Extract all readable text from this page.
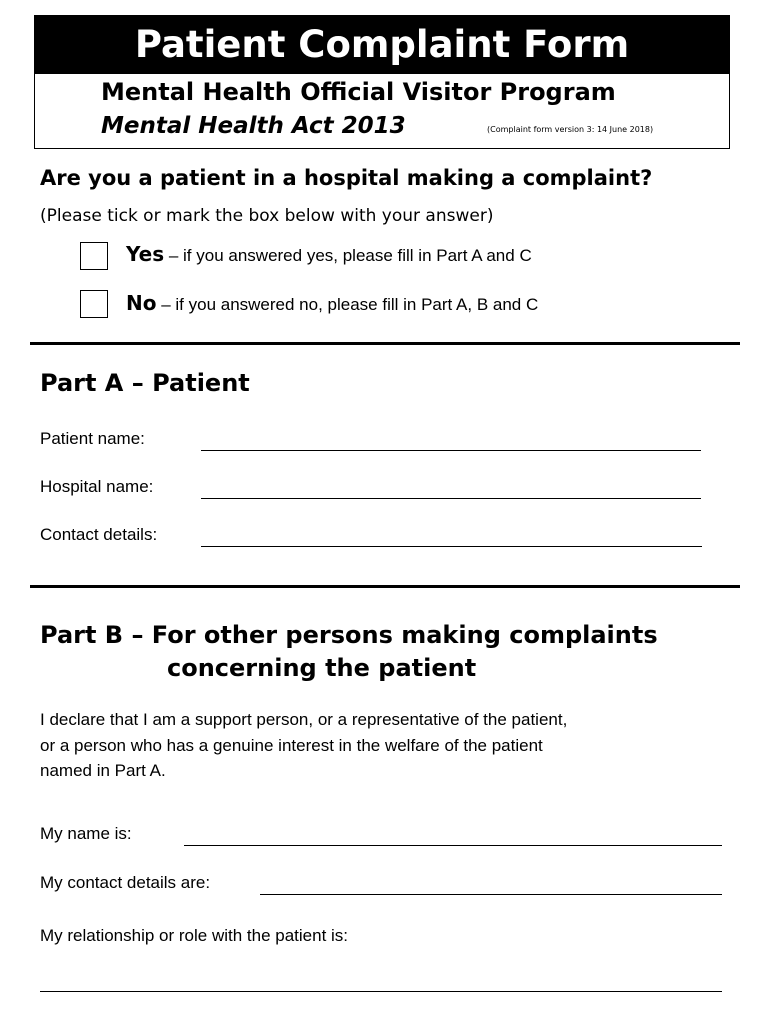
Patient Complaint Form
Mental Health Official Visitor Program
Mental Health Act 2013	(Complaint form version 3: 14 June 2018)
Are you a patient in a hospital making a complaint?
(Please tick or mark the box below with your answer)
Yes – if you answered yes, please fill in Part A and C
No – if you answered no, please fill in Part A, B and C
Part A – Patient
Patient name:
Hospital name:
Contact details:
Part B – For other persons making complaints
concerning the patient

I declare that I am a support person, or a representative of the patient,

or a person who has a genuine interest in the welfare of the patient

named in Part A.

My name is:
My contact details are:
My relationship or role with the patient is:
